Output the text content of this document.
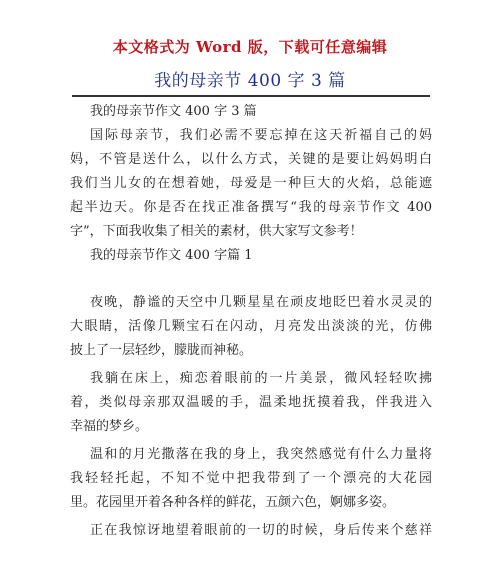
本文格式为 Word 版，下载可任意编辑
我的母亲节 400 字 3 篇
我的母亲节作文 400 字 3 篇
国际母亲节，我们必需不要忘掉在这天祈福自己的妈
妈，不管是送什么，以什么方式，关键的是要让妈妈明白
我们当儿女的在想着她，母爱是一种巨大的火焰，总能遮
起半边天。你是否在找正准备撰写“我的母亲节作文 400
字”，下面我收集了相关的素材，供大家写文参考！
我的母亲节作文 400 字篇 1
夜晚，静谧的天空中几颗星星在顽皮地眨巴着水灵灵的
大眼睛，活像几颗宝石在闪动，月亮发出淡淡的光，仿佛
披上了一层轻纱，朦胧而神秘。
我躺在床上，痴恋着眼前的一片美景，微风轻轻吹拂
着，类似母亲那双温暖的手，温柔地抚摸着我，伴我进入
幸福的梦乡。
温和的月光撒落在我的身上，我突然感觉有什么力量将
我轻轻托起，不知不觉中把我带到了一个漂亮的大花园
里。花园里开着各种各样的鲜花，五颜六色，婀娜多姿。
正在我惊讶地望着眼前的一切的时候，身后传来个慈祥
